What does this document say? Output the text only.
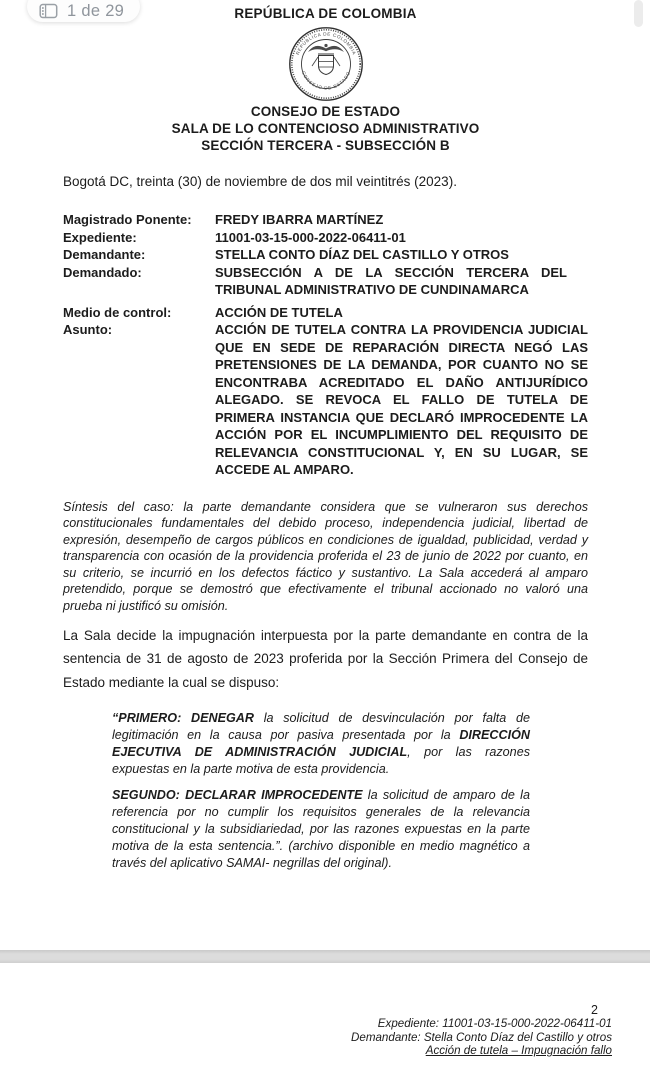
REPÚBLICA DE COLOMBIA
REPÚBLICA DE COLOMBIA
CONSEJO DE ESTADO
CONSEJO DE ESTADO
SALA DE LO CONTENCIOSO ADMINISTRATIVO
SECCIÓN TERCERA - SUBSECCIÓN B
Bogotá DC, treinta (30) de noviembre de dos mil veintitrés (2023).
Magistrado Ponente:	FREDY IBARRA MARTÍNEZ
Expediente:	11001-03-15-000-2022-06411-01
Demandante:	STELLA CONTO DÍAZ DEL CASTILLO Y OTROS
Demandado:	SUBSECCIÓN A DE LA SECCIÓN TERCERA DEL TRIBUNAL ADMINISTRATIVO DE CUNDINAMARCA
Medio de control:	ACCIÓN DE TUTELA
Asunto:	ACCIÓN DE TUTELA CONTRA LA PROVIDENCIA JUDICIAL QUE EN SEDE DE REPARACIÓN DIRECTA NEGÓ LAS PRETENSIONES DE LA DEMANDA, POR CUANTO NO SE ENCONTRABA ACREDITADO EL DAÑO ANTIJURÍDICO ALEGADO. SE REVOCA EL FALLO DE TUTELA DE PRIMERA INSTANCIA QUE DECLARÓ IMPROCEDENTE LA ACCIÓN POR EL INCUMPLIMIENTO DEL REQUISITO DE RELEVANCIA CONSTITUCIONAL Y, EN SU LUGAR, SE ACCEDE AL AMPARO.
Síntesis del caso: la parte demandante considera que se vulneraron sus derechos constitucionales fundamentales del debido proceso, independencia judicial, libertad de expresión, desempeño de cargos públicos en condiciones de igualdad, publicidad, verdad y transparencia con ocasión de la providencia proferida el 23 de junio de 2022 por cuanto, en su criterio, se incurrió en los defectos fáctico y sustantivo. La Sala accederá al amparo pretendido, porque se demostró que efectivamente el tribunal accionado no valoró una prueba ni justificó su omisión.
La Sala decide la impugnación interpuesta por la parte demandante en contra de la sentencia de 31 de agosto de 2023 proferida por la Sección Primera del Consejo de Estado mediante la cual se dispuso:
“PRIMERO: DENEGAR la solicitud de desvinculación por falta de legitimación en la causa por pasiva presentada por la DIRECCIÓN EJECUTIVA DE ADMINISTRACIÓN JUDICIAL, por las razones expuestas en la parte motiva de esta providencia.
SEGUNDO: DECLARAR IMPROCEDENTE la solicitud de amparo de la referencia por no cumplir los requisitos generales de la relevancia constitucional y la subsidiariedad, por las razones expuestas en la parte motiva de la esta sentencia.”. (archivo disponible en medio magnético a través del aplicativo SAMAI- negrillas del original).
2
Expediente: 11001-03-15-000-2022-06411-01
Demandante: Stella Conto Díaz del Castillo y otros
Acción de tutela – Impugnación fallo
1 de 29
